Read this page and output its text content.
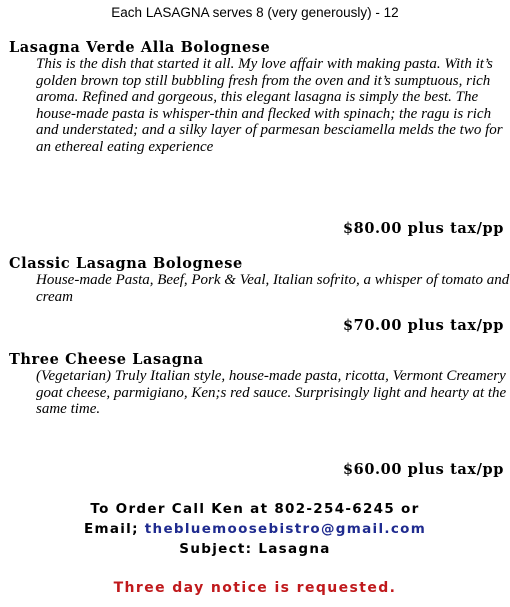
Each LASAGNA serves 8 (very generously) - 12

Lasagna Verde Alla Bolognese

This is the dish that started it all. My love affair with making pasta. With it’s golden brown top still bubbling fresh from the oven and it’s sumptuous, rich aroma. Refined and gorgeous, this elegant lasagna is simply the best. The house-made pasta is whisper-thin and flecked with spinach; the ragu is rich and understated; and a silky layer of parmesan besciamella melds the two for an ethereal eating experience

$80.00 plus tax/pp

Classic Lasagna Bolognese

House-made Pasta, Beef, Pork & Veal, Italian sofrito, a whisper of tomato and cream

$70.00 plus tax/pp

Three Cheese Lasagna

(Vegetarian) Truly Italian style, house-made pasta, ricotta, Vermont Creamery goat cheese, parmigiano, Ken;s red sauce. Surprisingly light and hearty at the same time.

$60.00 plus tax/pp
To Order Call Ken at 802-254-6245 or
Email; thebluemoosebistro@gmail.com
Subject: Lasagna
Three day notice is requested.
